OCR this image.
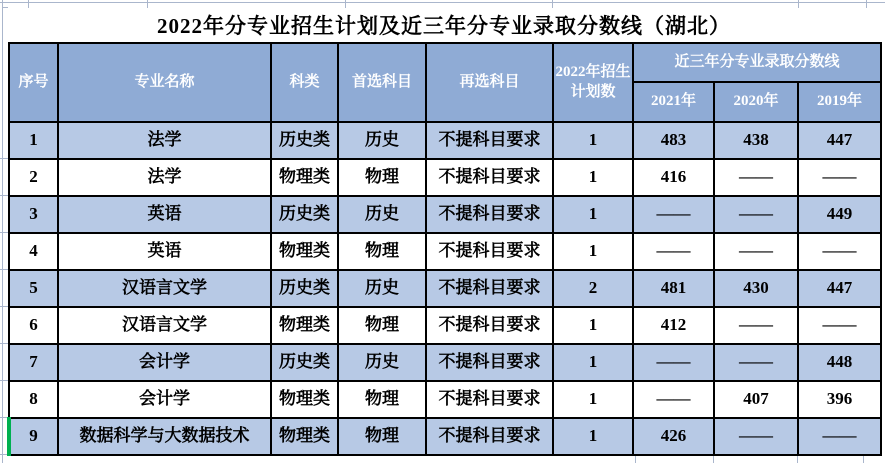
2022年分专业招生计划及近三年分专业录取分数线（湖北）
序号	专业名称	科类	首选科目	再选科目	2022年招生计划数	近三年分专业录取分数线		
						2021年	2020年	2019年
1	法学	历史类	历史	不提科目要求	1	483	438	447
2	法学	物理类	物理	不提科目要求	1	416	——	——
3	英语	历史类	历史	不提科目要求	1	——	——	449
4	英语	物理类	物理	不提科目要求	1	——	——	——
5	汉语言文学	历史类	历史	不提科目要求	2	481	430	447
6	汉语言文学	物理类	物理	不提科目要求	1	412	——	——
7	会计学	历史类	历史	不提科目要求	1	——	——	448
8	会计学	物理类	物理	不提科目要求	1	——	407	396
9	数据科学与大数据技术	物理类	物理	不提科目要求	1	426	——	——
